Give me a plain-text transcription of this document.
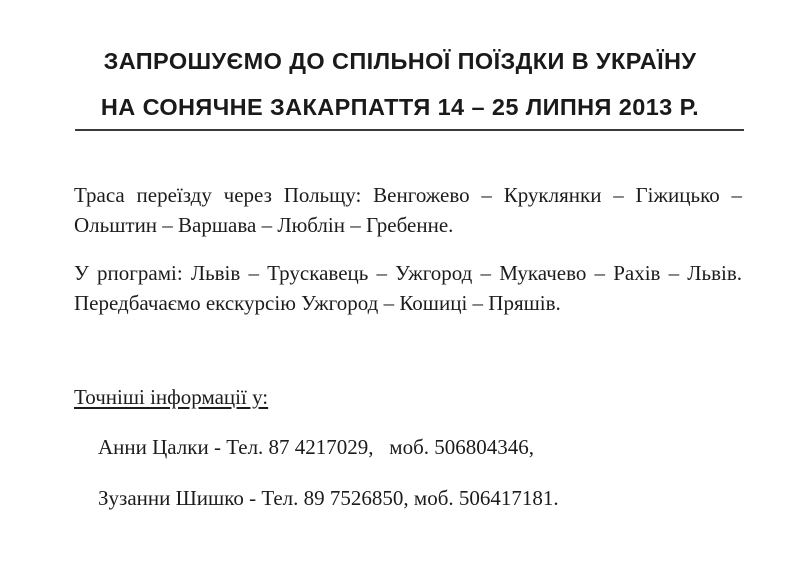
ЗАПРОШУЄМО ДО СПІЛЬНОЇ ПОЇЗДКИ В УКРАЇНУ
НА СОНЯЧНЕ ЗАКАРПАТТЯ 14 – 25 ЛИПНЯ 2013 Р.
Траса переїзду через Польщу: Венгожево – Круклянки – Гіжицько – Ольштин – Варшава – Люблін – Гребенне.
У рпограмі: Львів – Трускавець – Ужгород – Мукачево – Рахів – Львів. Передбачаємо екскурсію Ужгород – Кошиці – Пряшів.
Точніші інформації у:
Анни Цалки - Тел. 87 4217029,   моб. 506804346,
Зузанни Шишко - Тел. 89 7526850, моб. 506417181.
